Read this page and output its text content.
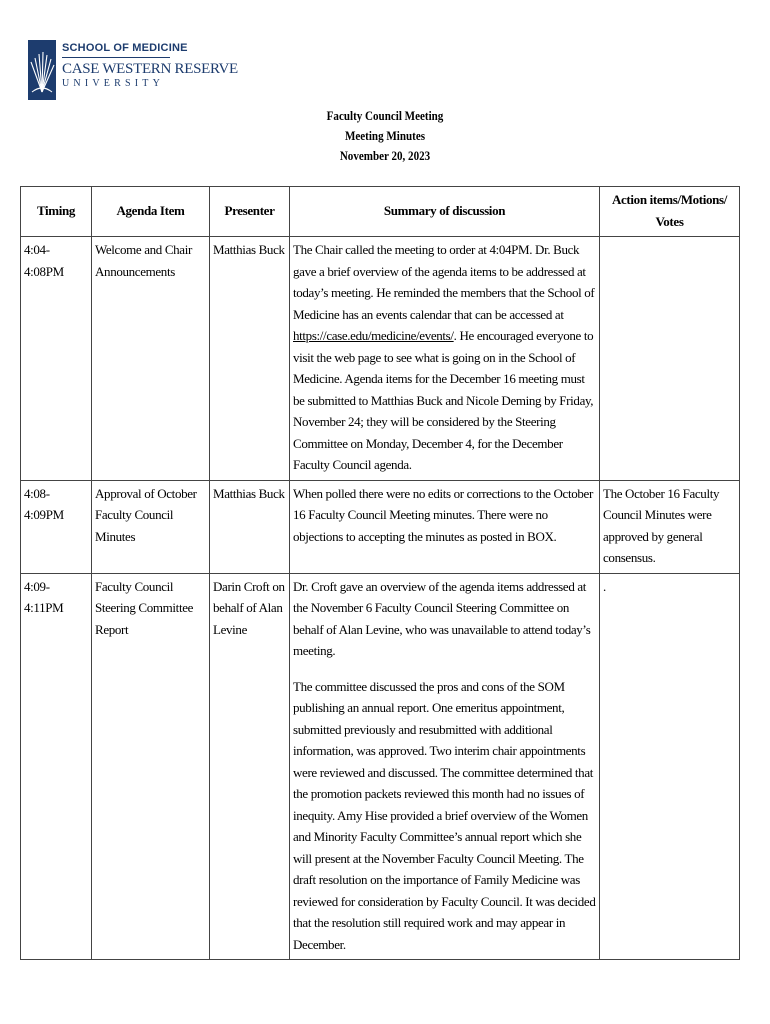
SCHOOL OF MEDICINE
CASE WESTERN RESERVE
UNIVERSITY
Faculty Council Meeting
Meeting Minutes
November 20, 2023
Timing	Agenda Item	Presenter	Summary of discussion	Action items/Motions/ Votes
4:04-4:08PM	Welcome and Chair Announcements	Matthias Buck	The Chair called the meeting to order at 4:04PM. Dr. Buck gave a brief overview of the agenda items to be addressed at today’s meeting. He reminded the members that the School of Medicine has an events calendar that can be accessed at https://case.edu/medicine/events/. He encouraged everyone to visit the web page to see what is going on in the School of Medicine. Agenda items for the December 16 meeting must be submitted to Matthias Buck and Nicole Deming by Friday, November 24; they will be considered by the Steering Committee on Monday, December 4, for the December Faculty Council agenda.	

4:08-4:09PM	Approval of October Faculty Council Minutes	Matthias Buck	When polled there were no edits or corrections to the October 16 Faculty Council Meeting minutes. There were no objections to accepting the minutes as posted in BOX.	The October 16 Faculty Council Minutes were approved by general consensus.
4:09-4:11PM	Faculty Council Steering Committee Report	Darin Croft on behalf of Alan Levine	Dr. Croft gave an overview of the agenda items addressed at the November 6 Faculty Council Steering Committee on behalf of Alan Levine, who was unavailable to attend today’s meeting.

The committee discussed the pros and cons of the SOM publishing an annual report. One emeritus appointment, submitted previously and resubmitted with additional information, was approved. Two interim chair appointments were reviewed and discussed. The committee determined that the promotion packets reviewed this month had no issues of inequity. Amy Hise provided a brief overview of the Women and Minority Faculty Committee’s annual report which she will present at the November Faculty Council Meeting. The draft resolution on the importance of Family Medicine was reviewed for consideration by Faculty Council. It was decided that the resolution still required work and may appear in December.	.
